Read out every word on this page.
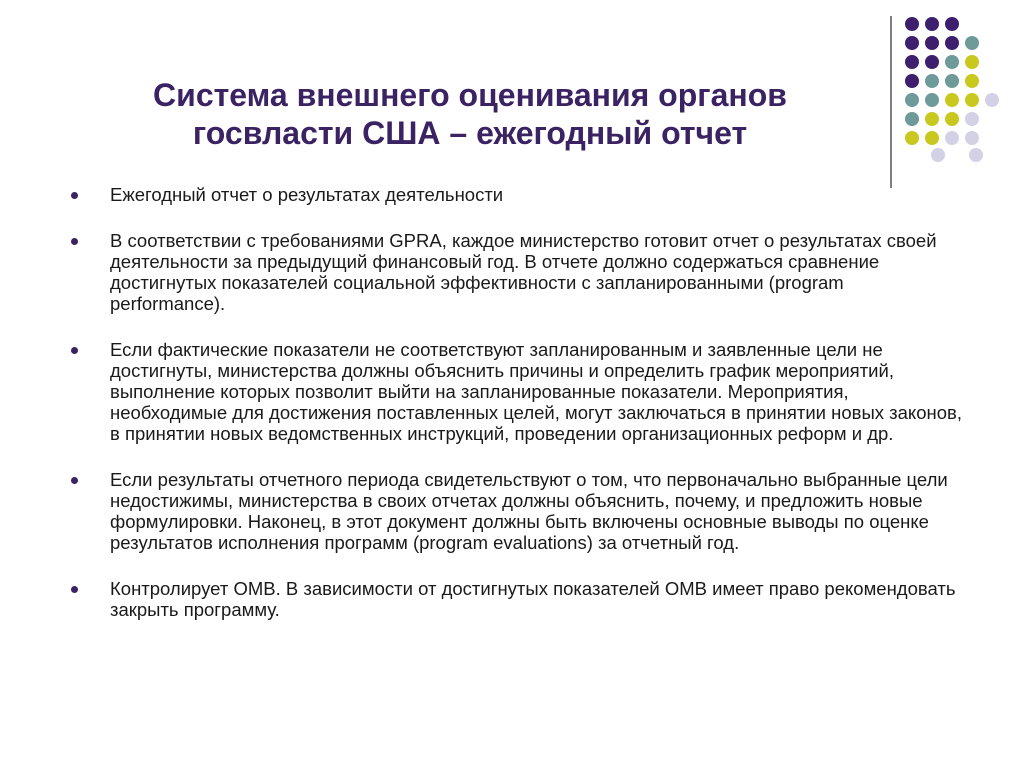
Система внешнего оценивания органов
госвласти США – ежегодный отчет
Ежегодный отчет о результатах деятельности
В соответствии с требованиями GPRA, каждое министерство готовит отчет о результатах своей деятельности за предыдущий финансовый год. В отчете должно содержаться сравнение достигнутых показателей социальной эффективности с запланированными (program performance).
Если фактические показатели не соответствуют запланированным и заявленные цели не достигнуты, министерства должны объяснить причины и определить график мероприятий, выполнение которых позволит выйти на запланированные показатели. Мероприятия, необходимые для достижения поставленных целей, могут заключаться в принятии новых законов, в принятии новых ведомственных инструкций, проведении организационных реформ и др.
Если результаты отчетного периода свидетельствуют о том, что первоначально выбранные цели недостижимы, министерства в своих отчетах должны объяснить, почему, и предложить новые формулировки. Наконец, в этот документ должны быть включены основные выводы по оценке результатов исполнения программ (program evaluations) за отчетный год.
Контролирует OMB. В зависимости от достигнутых показателей OMB имеет право рекомендовать закрыть программу.
